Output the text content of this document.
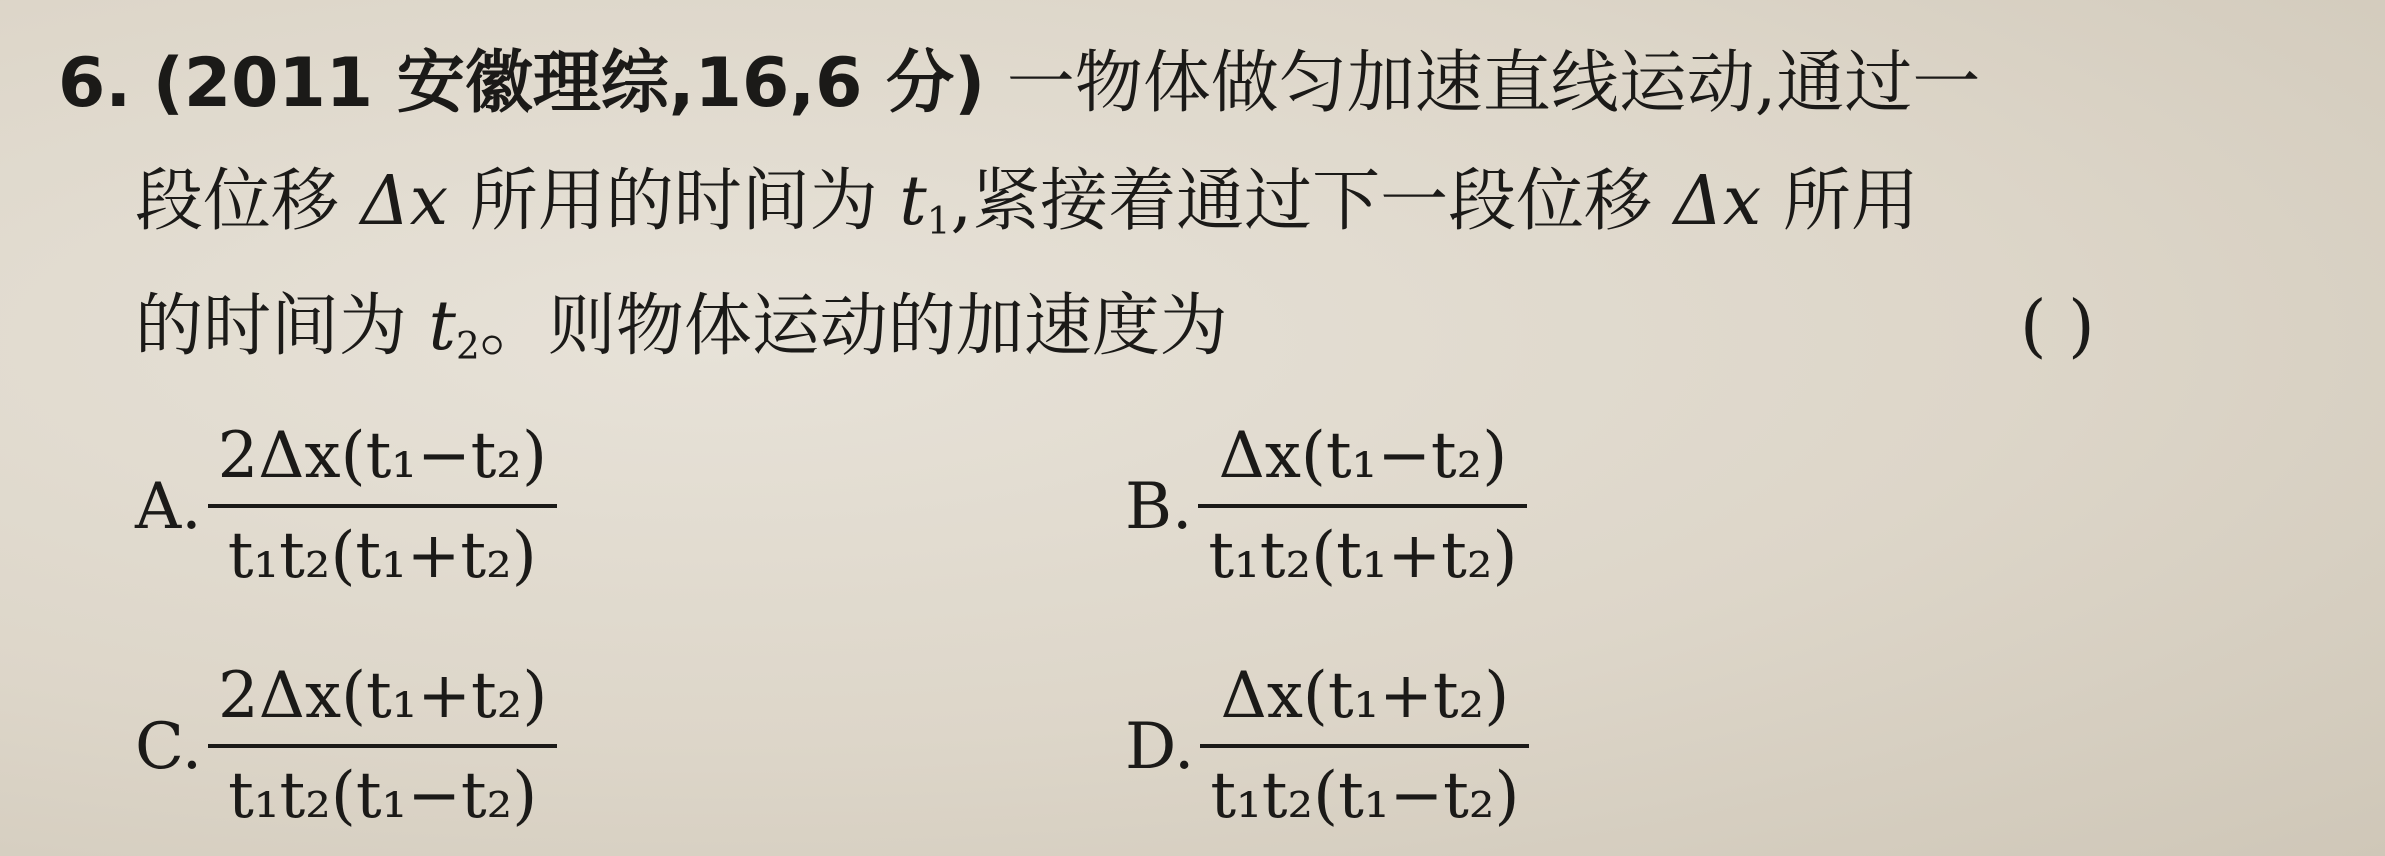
6. (2011 安徽理综,16,6 分) 一物体做匀加速直线运动,通过一
段位移 Δx 所用的时间为 $t_1$,紧接着通过下一段位移 Δx 所用
的时间为 $t_2$。则物体运动的加速度为	( )
A. $\frac{\text{2Δx(t₁−t₂)}}{\text{t₁t₂(t₁+t₂)}}$	B. $\frac{\text{Δx(t₁−t₂)}}{\text{t₁t₂(t₁+t₂)}}$
C. $\frac{\text{2Δx(t₁+t₂)}}{\text{t₁t₂(t₁−t₂)}}$	D. $\frac{\text{Δx(t₁+t₂)}}{\text{t₁t₂(t₁−t₂)}}$
